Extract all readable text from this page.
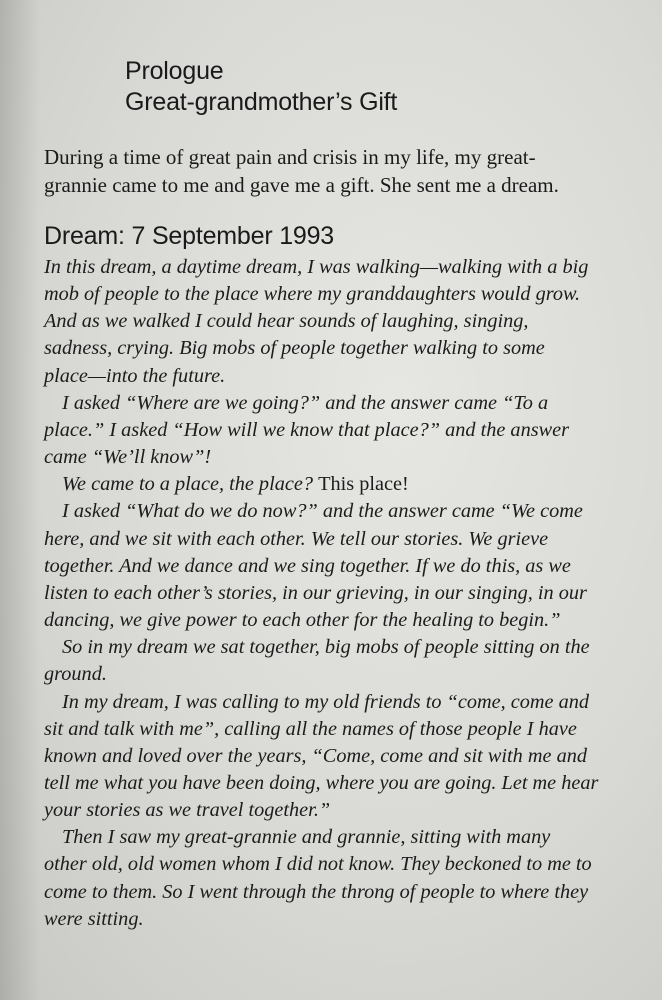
Prologue
Great-grandmother’s Gift
During a time of great pain and crisis in my life, my great-
grannie came to me and gave me a gift. She sent me a dream.
Dream: 7 September 1993
In this dream, a daytime dream, I was walking—walking with a big
mob of people to the place where my granddaughters would grow.
And as we walked I could hear sounds of laughing, singing,
sadness, crying. Big mobs of people together walking to some
place—into the future.
I asked “Where are we going?” and the answer came “To a
place.” I asked “How will we know that place?” and the answer
came “We’ll know”!
We came to a place, the place? This place!
I asked “What do we do now?” and the answer came “We come
here, and we sit with each other. We tell our stories. We grieve
together. And we dance and we sing together. If we do this, as we
listen to each other’s stories, in our grieving, in our singing, in our
dancing, we give power to each other for the healing to begin.”
So in my dream we sat together, big mobs of people sitting on the
ground.
In my dream, I was calling to my old friends to “come, come and
sit and talk with me”, calling all the names of those people I have
known and loved over the years, “Come, come and sit with me and
tell me what you have been doing, where you are going. Let me hear
your stories as we travel together.”
Then I saw my great-grannie and grannie, sitting with many
other old, old women whom I did not know. They beckoned to me to
come to them. So I went through the throng of people to where they
were sitting.
